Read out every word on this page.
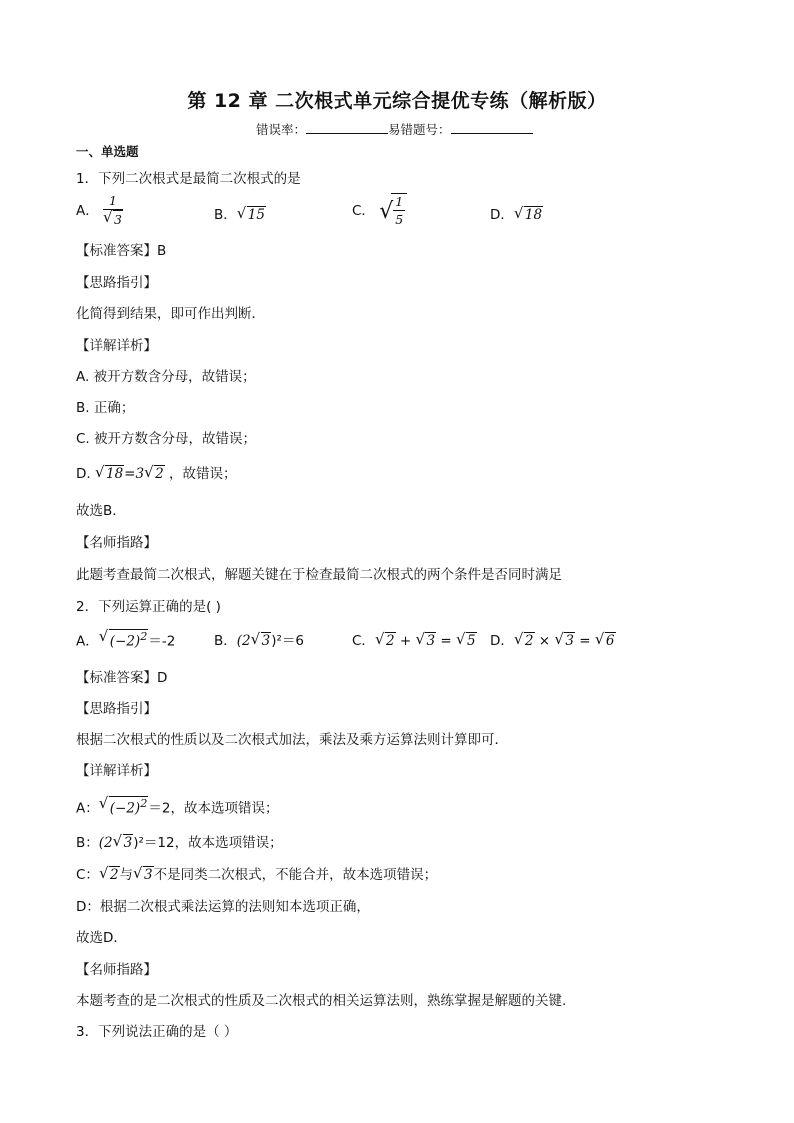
第 12 章 二次根式单元综合提优专练（解析版）
错误率：	易错题号：
一、单选题
1．下列二次根式是最简二次根式的是
A． $\frac{1}{√ 3}$	B． √ 15	C． √ $\frac{1}{5}$	D． √ 18
【标准答案】B
【思路指引】
化简得到结果，即可作出判断．
【详解详析】
A. 被开方数含分母，故错误；
B. 正确；
C. 被开方数含分母，故错误；
D. √ 18=3 √ 2 ，故错误；
故选B.
【名师指路】
此题考查最简二次根式，解题关键在于检查最简二次根式的两个条件是否同时满足
2．下列运算正确的是( )
A． √ $(-2)^2=-2$	B．(2 √ 3)²＝6	C． √ 2 + √ 3 = √ 5 D． √ 2 × √ 3 = √ 6
【标准答案】D
【思路指引】
根据二次根式的性质以及二次根式加法，乘法及乘方运算法则计算即可．
【详解详析】
A： √ $(-2)^2=2$，故本选项错误；
B：(2 √ 3)²＝12，故本选项错误；
C： √ 2与 √ 3不是同类二次根式，不能合并，故本选项错误；
D：根据二次根式乘法运算的法则知本选项正确，
故选D．
【名师指路】
本题考查的是二次根式的性质及二次根式的相关运算法则，熟练掌握是解题的关键.
3．下列说法正确的是（ ）
